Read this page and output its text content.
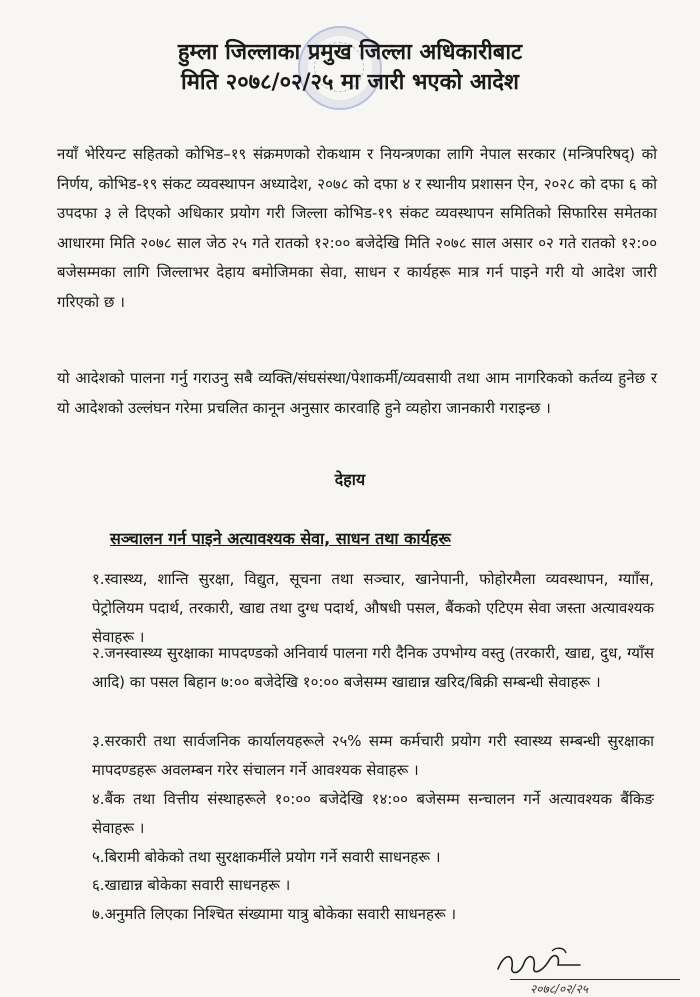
हुम्ला जिल्लाका प्रमुख जिल्ला अधिकारीबाट
मिति २०७८/०२/२५ मा जारी भएको आदेश
नयाँ भेरियन्ट सहितको कोभिड–१९ संक्रमणको रोकथाम र नियन्त्रणका लागि नेपाल सरकार (मन्त्रिपरिषद्) को निर्णय, कोभिड-१९ संकट व्यवस्थापन अध्यादेश, २०७८ को दफा ४ र स्थानीय प्रशासन ऐन, २०२८ को दफा ६ को उपदफा ३ ले दिएको अधिकार प्रयोग गरी जिल्ला कोभिड-१९ संकट व्यवस्थापन समितिको सिफारिस समेतका आधारमा मिति २०७८ साल जेठ २५ गते रातको १२:०० बजेदेखि मिति २०७८ साल असार ०२ गते रातको १२:०० बजेसम्मका लागि जिल्लाभर देहाय बमोजिमका सेवा, साधन र कार्यहरू मात्र गर्न पाइने गरी यो आदेश जारी गरिएको छ ।
यो आदेशको पालना गर्नु गराउनु सबै व्यक्ति/संघसंस्था/पेशाकर्मी/व्यवसायी तथा आम नागरिकको कर्तव्य हुनेछ र यो आदेशको उल्लंघन गरेमा प्रचलित कानून अनुसार कारवाहि हुने व्यहोरा जानकारी गराइन्छ ।
देहाय
सञ्चालन गर्न पाइने अत्यावश्यक सेवा, साधन तथा कार्यहरू
१.स्वास्थ्य, शान्ति सुरक्षा, विद्युत, सूचना तथा सञ्चार, खानेपानी, फोहोरमैला व्यवस्थापन, ग्यााँस, पेट्रोलियम पदार्थ, तरकारी, खाद्य तथा दुग्ध पदार्थ, औषधी पसल, बैंकको एटिएम सेवा जस्ता अत्यावश्यक सेवाहरू ।
२.जनस्वास्थ्य सुरक्षाका मापदण्डको अनिवार्य पालना गरी दैनिक उपभोग्य वस्तु (तरकारी, खाद्य, दुध, ग्याँस आदि) का पसल बिहान ७:०० बजेदेखि १०:०० बजेसम्म खाद्यान्न खरिद/बिक्री सम्बन्धी सेवाहरू ।
३.सरकारी तथा सार्वजनिक कार्यालयहरूले २५% सम्म कर्मचारी प्रयोग गरी स्वास्थ्य सम्बन्धी सुरक्षाका मापदण्डहरू अवलम्बन गरेर संचालन गर्ने आवश्यक सेवाहरू ।
४.बैंक तथा वित्तीय संस्थाहरूले १०:०० बजेदेखि १४:०० बजेसम्म सन्चालन गर्ने अत्यावश्यक बैंकिङ सेवाहरू ।
५.बिरामी बोकेको तथा सुरक्षाकर्मीले प्रयोग गर्ने सवारी साधनहरू ।
६.खाद्यान्न बोकेका सवारी साधनहरू ।
७.अनुमति लिएका निश्चित संख्यामा यात्रु बोकेका सवारी साधनहरू ।
२०७८/०२/२५
